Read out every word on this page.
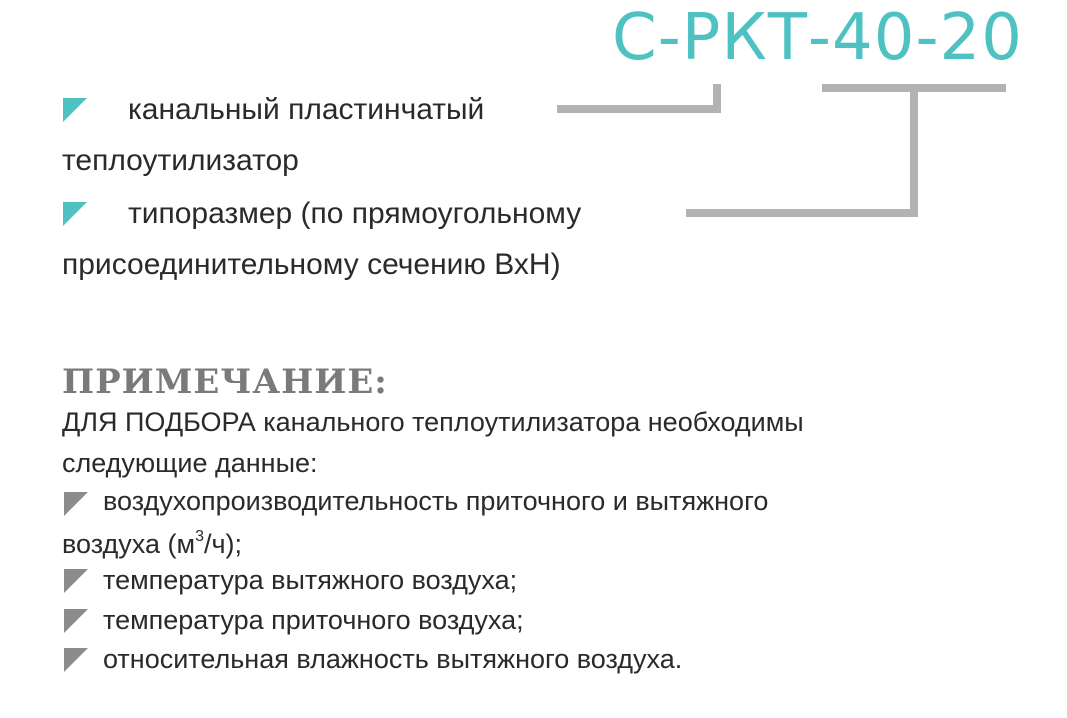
С-РКТ-40-20
канальный пластинчатый
теплоутилизатор
типоразмер (по прямоугольному
присоединительному сечению ВхН)
ПРИМЕЧАНИЕ:
ДЛЯ ПОДБОРА канального теплоутилизатора необходимы
следующие данные:
воздухопроизводительность приточного и вытяжного
воздуха $(м^3/ч)$;
температура вытяжного воздуха;
температура приточного воздуха;
относительная влажность вытяжного воздуха.
